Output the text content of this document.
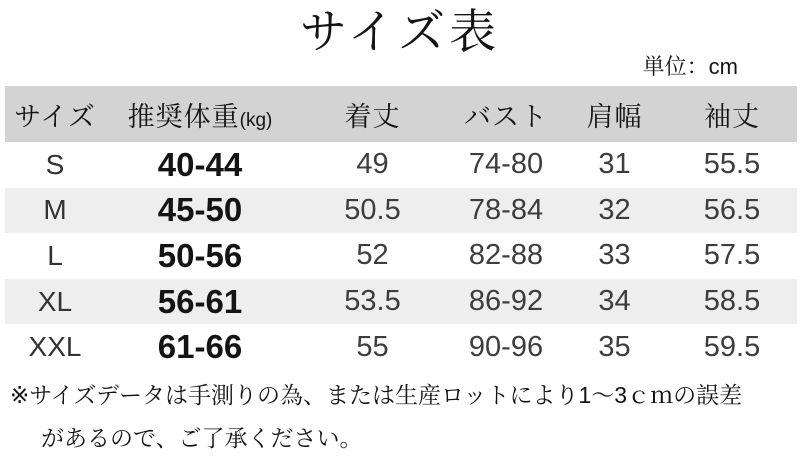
サイズ表
単位：cm
サイズ	推奨体重(kg)	着丈	バスト	肩幅	袖丈
S	40-44	49	74-80	31	55.5
M	45-50	50.5	78-84	32	56.5
L	50-56	52	82-88	33	57.5
XL	56-61	53.5	86-92	34	58.5
XXL	61-66	55	90-96	35	59.5
※サイズデータは手測りの為、または生産ロットにより1～3ｃｍの誤差
があるので、ご了承ください。
